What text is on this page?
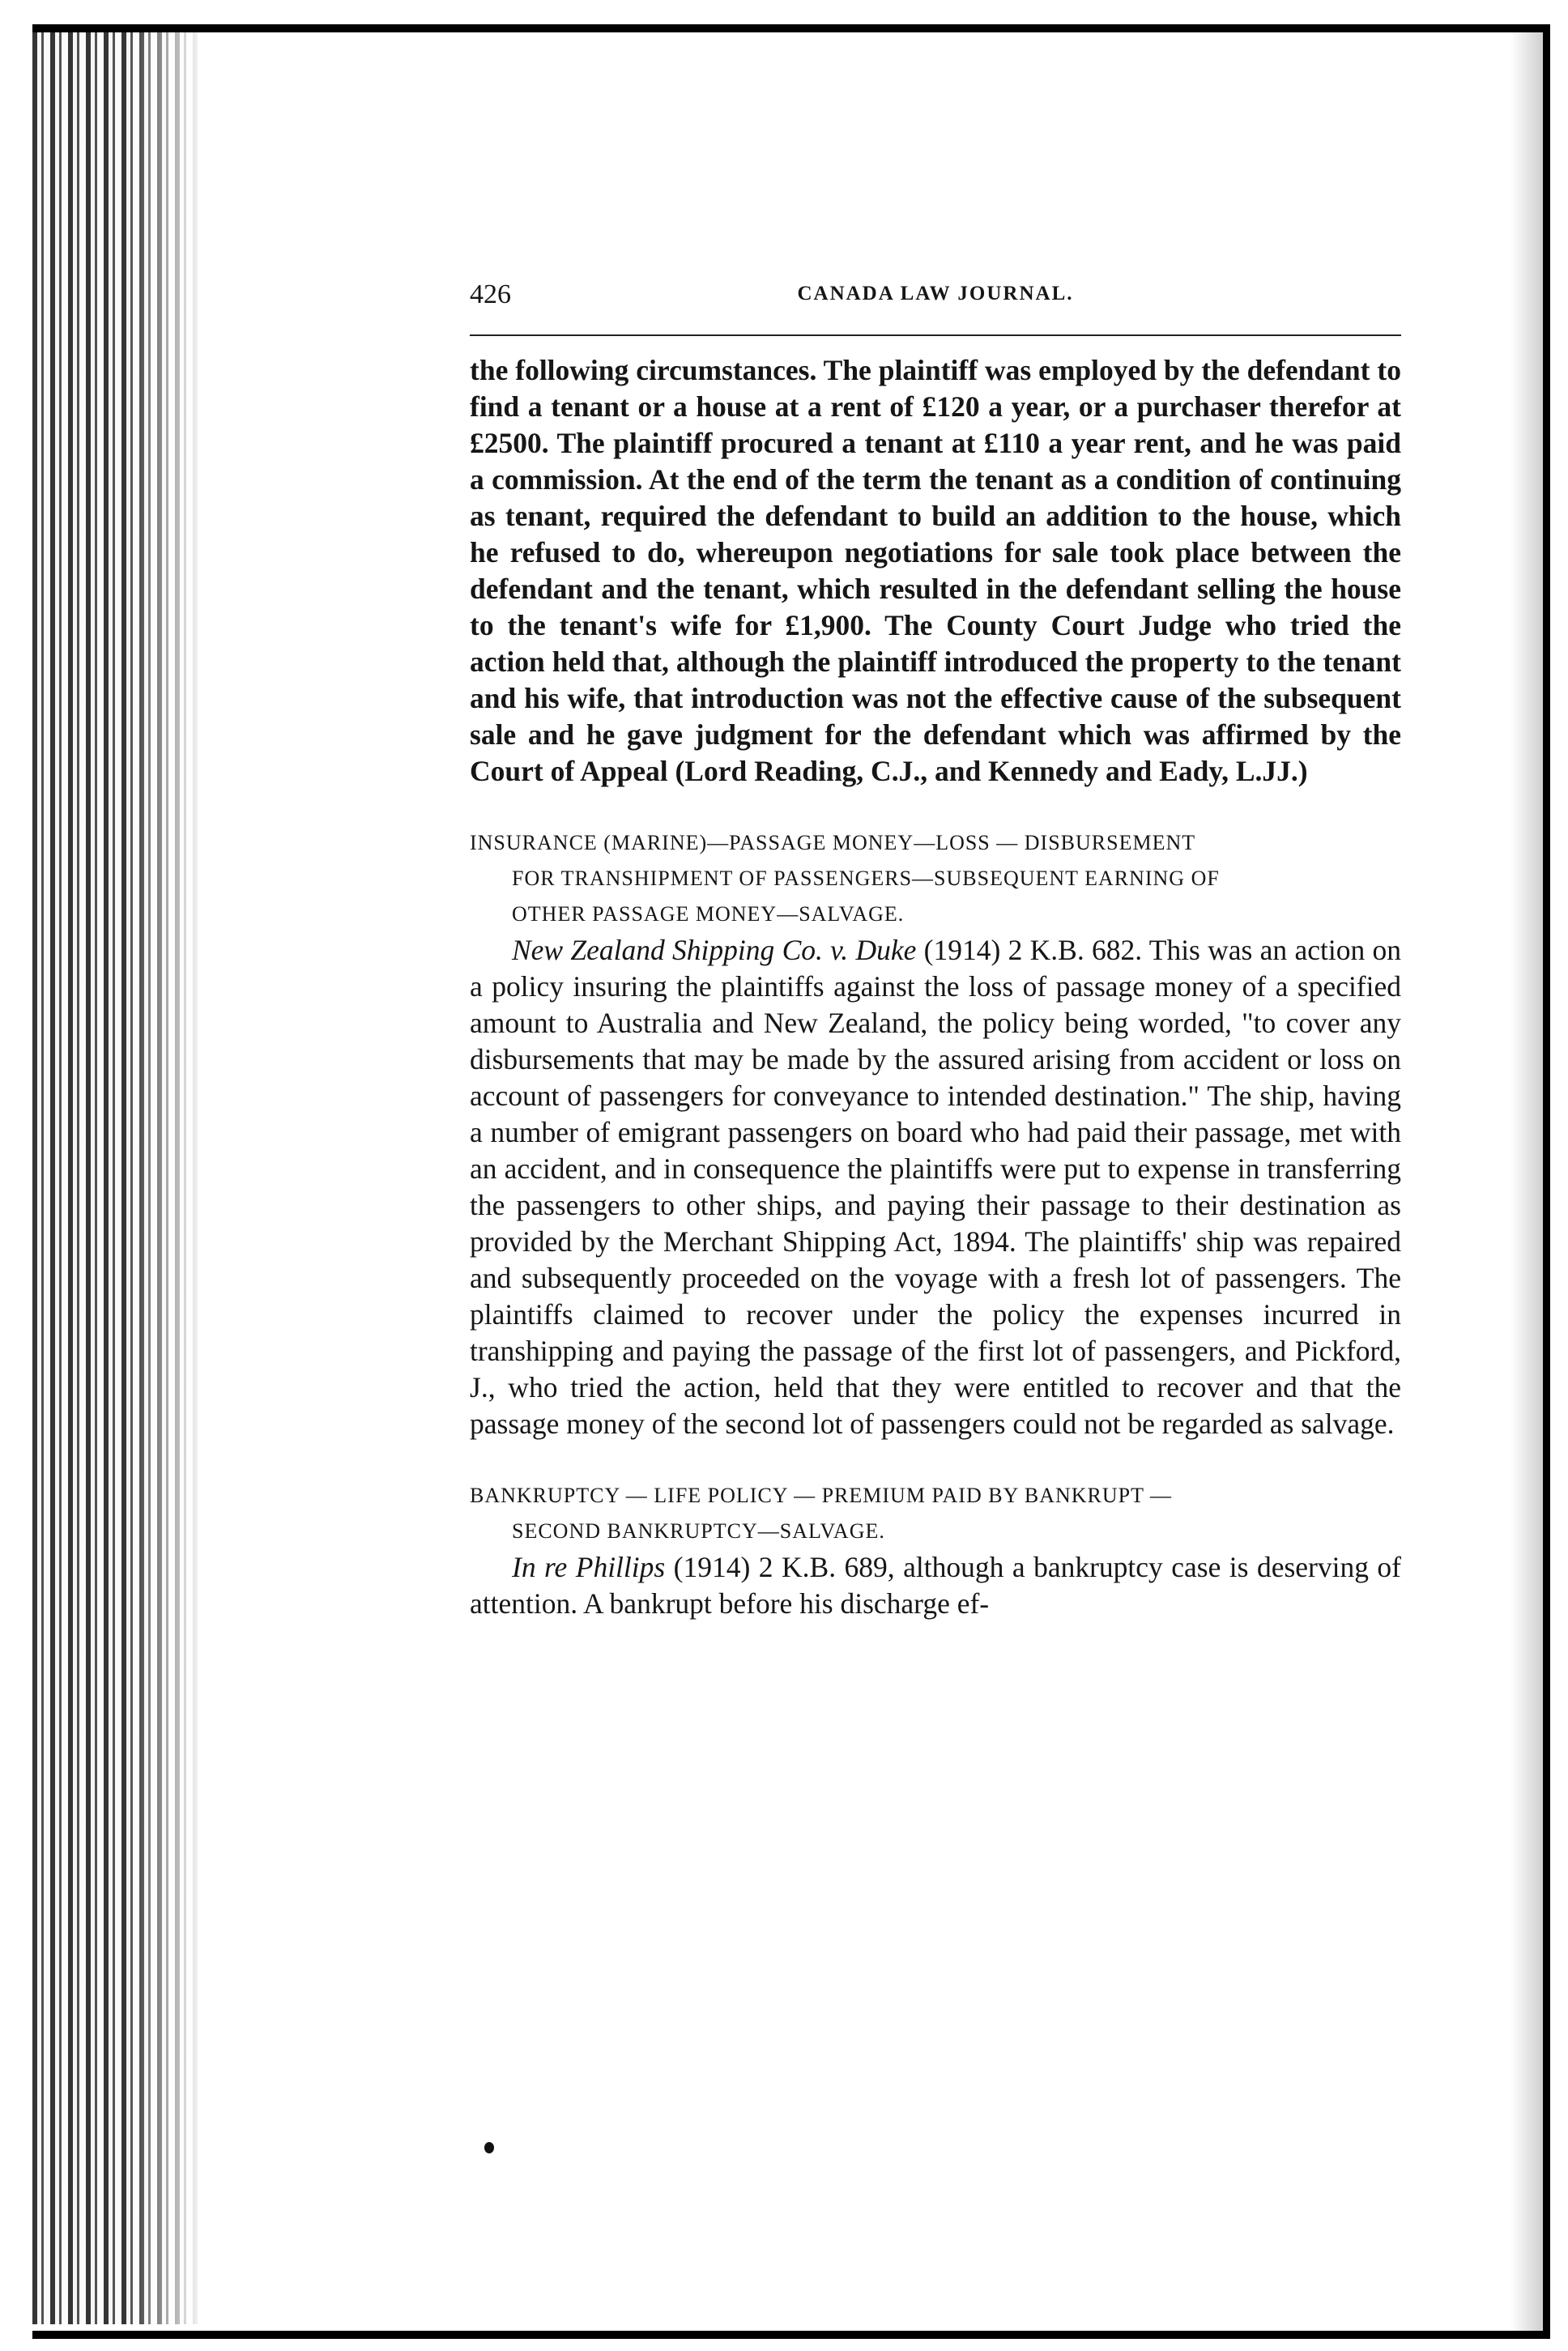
426	CANADA LAW JOURNAL.

the following circumstances. The plaintiff was employed by the defendant to find a tenant or a house at a rent of £120 a year, or a purchaser therefor at £2500. The plaintiff procured a tenant at £110 a year rent, and he was paid a commission. At the end of the term the tenant as a condition of continuing as tenant, required the defendant to build an addition to the house, which he refused to do, whereupon negotiations for sale took place between the defendant and the tenant, which resulted in the defendant selling the house to the tenant's wife for £1,900. The County Court Judge who tried the action held that, although the plaintiff introduced the property to the tenant and his wife, that introduction was not the effective cause of the subsequent sale and he gave judgment for the defendant which was affirmed by the Court of Appeal (Lord Reading, C.J., and Kennedy and Eady, L.JJ.)

INSURANCE (MARINE)—PASSAGE MONEY—LOSS — DISBURSEMENT
FOR TRANSHIPMENT OF PASSENGERS—SUBSEQUENT EARNING OF
OTHER PASSAGE MONEY—SALVAGE.

New Zealand Shipping Co. v. Duke (1914) 2 K.B. 682. This was an action on a policy insuring the plaintiffs against the loss of passage money of a specified amount to Australia and New Zealand, the policy being worded, "to cover any disbursements that may be made by the assured arising from accident or loss on account of passengers for conveyance to intended destination." The ship, having a number of emigrant passengers on board who had paid their passage, met with an accident, and in consequence the plaintiffs were put to expense in transferring the passengers to other ships, and paying their passage to their destination as provided by the Merchant Shipping Act, 1894. The plaintiffs' ship was repaired and subsequently proceeded on the voyage with a fresh lot of passengers. The plaintiffs claimed to recover under the policy the expenses incurred in transhipping and paying the passage of the first lot of passengers, and Pickford, J., who tried the action, held that they were entitled to recover and that the passage money of the second lot of passengers could not be regarded as salvage.

BANKRUPTCY — LIFE POLICY — PREMIUM PAID BY BANKRUPT —
SECOND BANKRUPTCY—SALVAGE.

In re Phillips (1914) 2 K.B. 689, although a bankruptcy case is deserving of attention. A bankrupt before his discharge ef-
